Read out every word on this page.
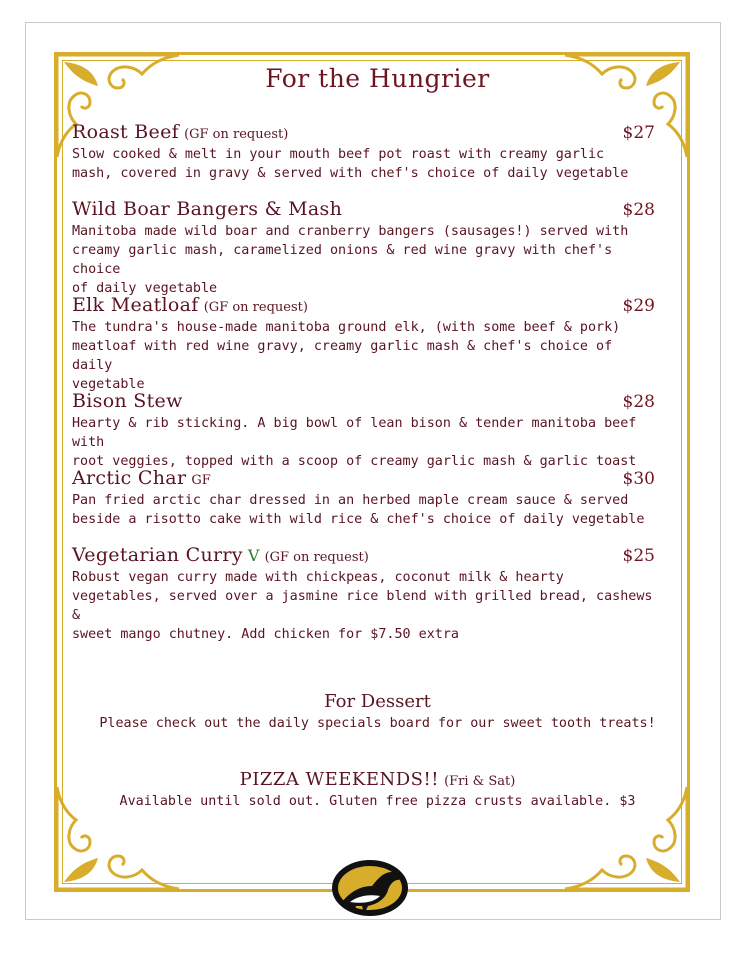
For the Hungrier
Roast Beef (GF on request)	$27
Slow cooked & melt in your mouth beef pot roast with creamy garlic
mash, covered in gravy & served with chef's choice of daily vegetable
Wild Boar Bangers & Mash	$28
Manitoba made wild boar and cranberry bangers (sausages!) served with
creamy garlic mash, caramelized onions & red wine gravy with chef's choice
of daily vegetable
Elk Meatloaf (GF on request)	$29
The tundra's house-made manitoba ground elk, (with some beef & pork)
meatloaf with red wine gravy, creamy garlic mash & chef's choice of daily
vegetable
Bison Stew	$28
Hearty & rib sticking. A big bowl of lean bison & tender manitoba beef with
root veggies, topped with a scoop of creamy garlic mash & garlic toast
Arctic Char GF	$30
Pan fried arctic char dressed in an herbed maple cream sauce & served
beside a risotto cake with wild rice & chef's choice of daily vegetable
Vegetarian Curry V (GF on request)	$25
Robust vegan curry made with chickpeas, coconut milk & hearty
vegetables, served over a jasmine rice blend with grilled bread, cashews &
sweet mango chutney. Add chicken for $7.50 extra
For Dessert
Please check out the daily specials board for our sweet tooth treats!
PIZZA WEEKENDS!! (Fri & Sat)
Available until sold out. Gluten free pizza crusts available. $3
